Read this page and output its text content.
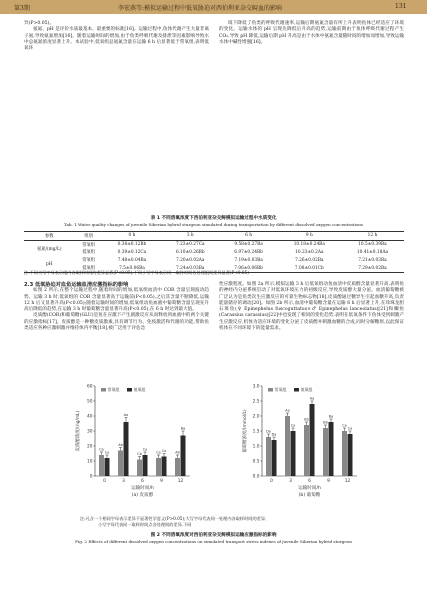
第3期	李宏燕等:模拟运输过程中低氧胁迫对西伯利亚杂交鲟血的影响	131

异(P>0.05)。

氨氮、pH 是评价水质最基本、最重要的标准[16]。运输过程中,鱼体代谢产生大量非离子氨,导致氨氮增加[16]。随着运输时间的增加,由于鱼类呼吸代谢及排泄等因素影响导致水中总氨氮浓度显著上升。本试验中,低氧组总氨氮含量在运输 6 h 后显著低于常氧组,表明低氧环

境下降低了鱼类的呼吸代谢速率,运输后期氨氮含量有所上升表明鱼体已经适应了环境的变化。运输水体的 pH 呈现先降低后升高的趋势,运输前期由于鱼体呼吸代谢过程产生 CO₂,导致 pH 降低,运输后期 pH 升高是由于水体中氨氮含量随时间的增加而增加,导致运输水体中碱性增强[16]。

表 1 不同溶氧浓度下西伯利亚杂交鲟模拟运输过程中水质变化
Tab. 1 Water quality changes of juvenile Siberian hybrid sturgeon simulated during transportation by different dissolved oxygen concentrations
参数	组别	0 h	3 h	6 h	9 h	12 h
氨氮/(mg/L)	常氧组	0.38±0.12Bb	7.23±0.27Ca	9.58±0.27Ba	10.18±0.24Ba	10.5±0.39Ba
	低氧组	0.39±0.12Ca	6.10±0.26Bb	6.97±0.24Bb	10.23±0.2Aa	10.41±0.18Aa
pH	常氧组	7.48±0.04Ba	7.20±0.02Aa	7.19±0.03Ba	7.26±0.02Ba	7.21±0.03Ba
	低氧组	7.5±0.06Ba	7.24±0.03Ba	7.06±0.06Bb	7.08±0.01Cb	7.29±0.02Ba
注:不同大写字母表示组内各取样时间的差异显著(P<0.05),不同小写字母表示同一取样时间各处理组间差异显著(P<0.05)

2.3 低氧胁迫对血鱼运输血清应激指标的影响

如图 2 所示,在整个运输过程中,随着时间的增加,低氧组血清中 COR 含量呈现波动趋势。运输 3 h 时,低氧组的 COR 含量显著高于运输前(P<0.05),之后其含量不断降低,运输 12 h 后又显著升高(P<0.05);随着运输时间的增加,低氧组动鱼血液中葡萄糖含量呈现先升高后降低的趋势,在运输 3 h 时葡萄糖含量显著升高(P<0.05),在 6 h 时达到最大值。

皮质醇(COR)和葡萄糖(GLU)是鱼在应激下产生剧激反应从而释放到血液中的两个关键的应激指标[17]。皮质醇是一种糖皮质激素,具有调节行为、免疫激活和代谢的功能,帮助鱼类适应各种应激刺激并维持体内平衡[18],被广泛用于评估急

性应激程度。如图 2a 所示,模拟运输 3 h 后低氧组动鱼血清中皮质醇含量显著升高,表明鱼的神经内分泌系统启动了对低氧环境压力的初级反应,导致皮质醇大量分泌。血清葡萄糖被广泛认为是鱼类次生应激反应的可靠生物标志物[18],皮质醇通过糖异生引起血糖升高,负责能量储存的调动[20]。如图 2b 所示,血清中葡萄糖含量在运输 6 h 后显著上升,在珍珠龙胆石斑鱼(♀ Epinephelus fuscoguttatus×♂ Epinephelus lanceolatus)[21]和鲫鱼(Carassius carassius)[22]中也发现了相同的变化趋势,表明在低氧条件下鱼体受到刺激产生应激反应,机体为适应环境的变化分泌了皮质醇并刺激血糖的合成,同时分解糖原,以此保证机体在不同环境下的能量需求。

0
10
20
30
40
50
60
0
Ca
Ca
3
Ab
Aa
6
Cb
Ca
9
Ca Ca
12
Ab
Ba
运输时间/h
皮质醇浓度/(ng/mL)
(a) 皮质醇
常氧组	低氧组
0.0
0.5
1.0
1.5
2.0
2.5
3.0
0
Da
Da
3
Aa
Ca
6
Bb
Aa
9
Bb
Ba
12
Ca
Ca
运输时间/h
葡萄糖浓度/(mmol/L)
(b) 葡萄糖
常氧组	低氧组
注:凡含一个相同字母表示差异不显著性学意义(P>0.05);大写字母代表同一处理内各取样时间的差异,
小写字母代表同一取样时间点各处理间的差异,下同
图 2 不同溶氧浓度对西伯利亚杂交鲟模拟运输应激指标的影响
Fig. 2 Effects of different dissolved oxygen concentrations on simulated transport stress indexes of juvenile Siberian hybrid sturgeon
